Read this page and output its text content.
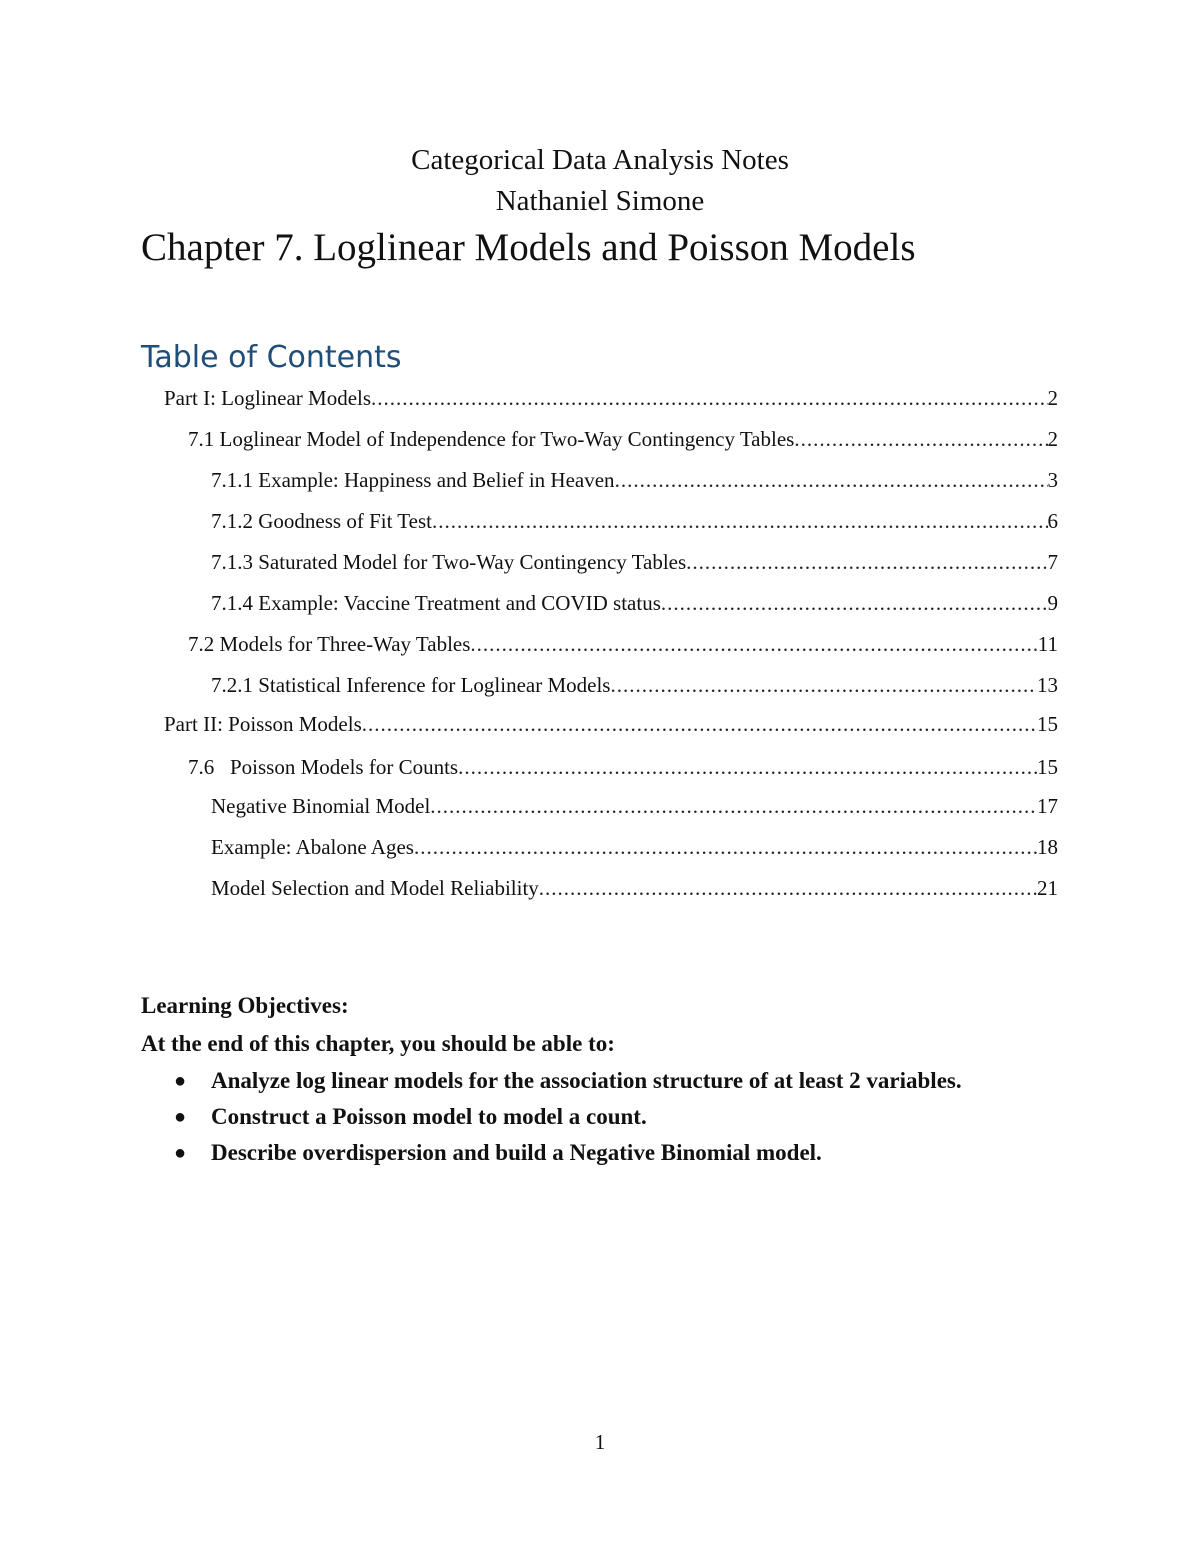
Categorical Data Analysis Notes
Nathaniel Simone
Chapter 7. Loglinear Models and Poisson Models
Table of Contents
Part I: Loglinear Models .....	2
7.1 Loglinear Model of Independence for Two-Way Contingency Tables .....	2
7.1.1 Example: Happiness and Belief in Heaven .....	3
7.1.2 Goodness of Fit Test .....	6
7.1.3 Saturated Model for Two-Way Contingency Tables .....	7
7.1.4 Example: Vaccine Treatment and COVID status .....	9
7.2 Models for Three-Way Tables .....	11
7.2.1 Statistical Inference for Loglinear Models .....	13
Part II: Poisson Models .....	15
7.6   Poisson Models for Counts .....	15
Negative Binomial Model .....	17
Example: Abalone Ages .....	18
Model Selection and Model Reliability .....	21
Learning Objectives:
At the end of this chapter, you should be able to:
● Analyze log linear models for the association structure of at least 2 variables.
● Construct a Poisson model to model a count.
● Describe overdispersion and build a Negative Binomial model.
1
